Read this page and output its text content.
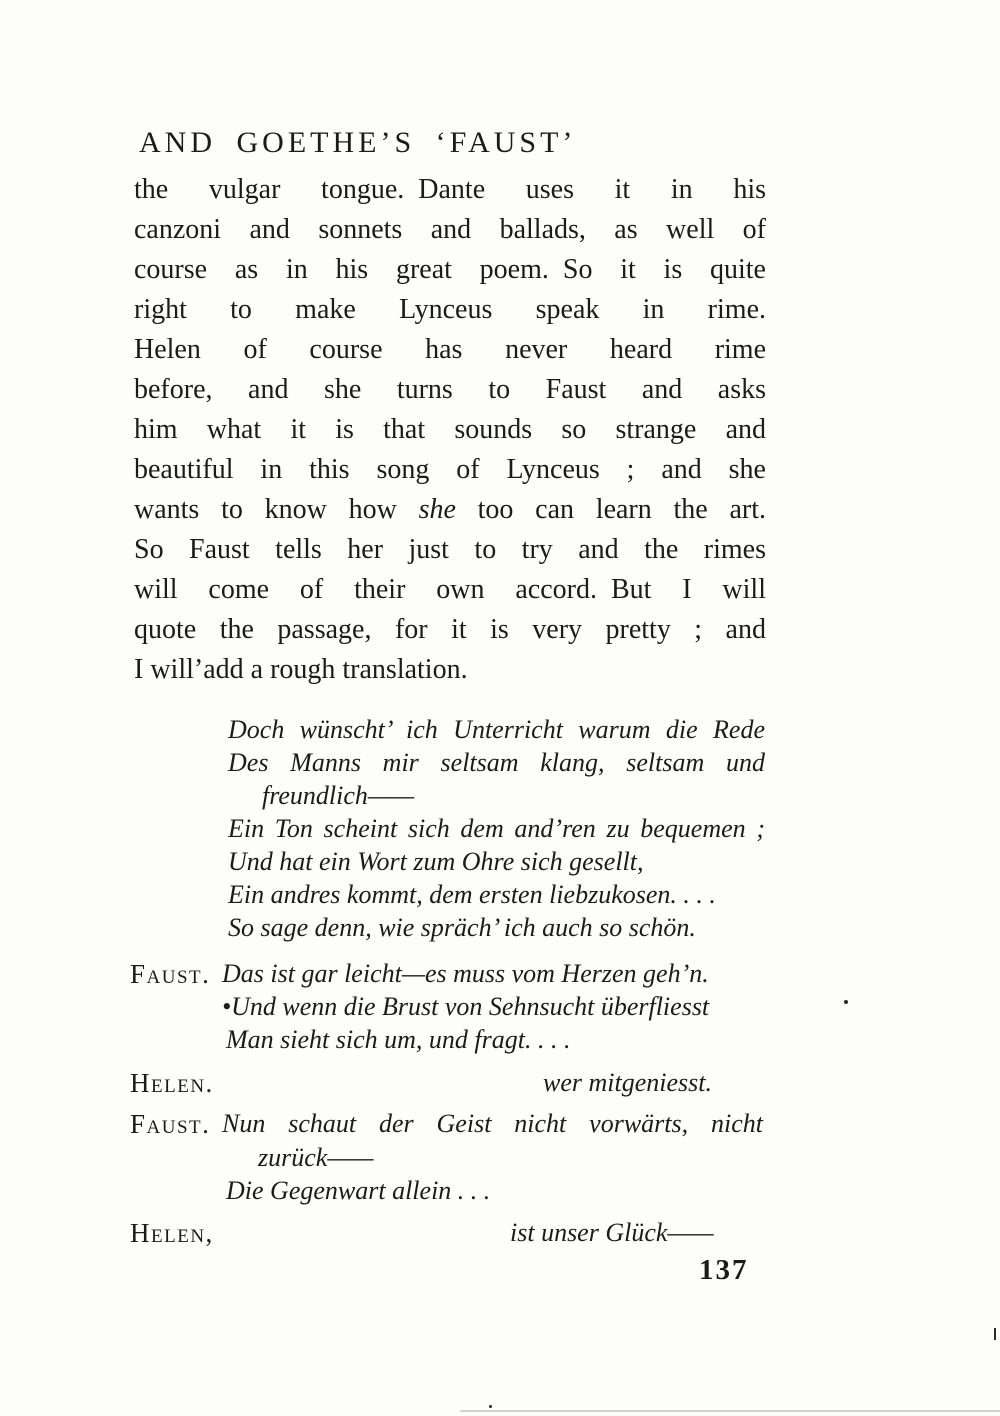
AND GOETHE’S ‘FAUST’
the vulgar tongue. Dante uses it in his
canzoni and sonnets and ballads, as well of
course as in his great poem. So it is quite
right to make Lynceus speak in rime.
Helen of course has never heard rime
before, and she turns to Faust and asks
him what it is that sounds so strange and
beautiful in this song of Lynceus ; and she
wants to know how she too can learn the art.
So Faust tells her just to try and the rimes
will come of their own accord. But I will
quote the passage, for it is very pretty ; and
I will’add a rough translation.
Doch wünscht’ ich Unterricht warum die Rede
Des Manns mir seltsam klang, seltsam und
freundlich——
Ein Ton scheint sich dem and’ren zu bequemen ;
Und hat ein Wort zum Ohre sich gesellt,
Ein andres kommt, dem ersten liebzukosen. . . .
So sage denn, wie spräch’ ich auch so schön.
Faust. Das ist gar leicht—es muss vom Herzen geh’n.
•Und wenn die Brust von Sehnsucht überfliesst
Man sieht sich um, und fragt. . . .
Helen.	wer mitgeniesst.
Faust. Nun schaut der Geist nicht vorwärts, nicht
zurück——
Die Gegenwart allein . . .
Helen,	ist unser Glück——
137
